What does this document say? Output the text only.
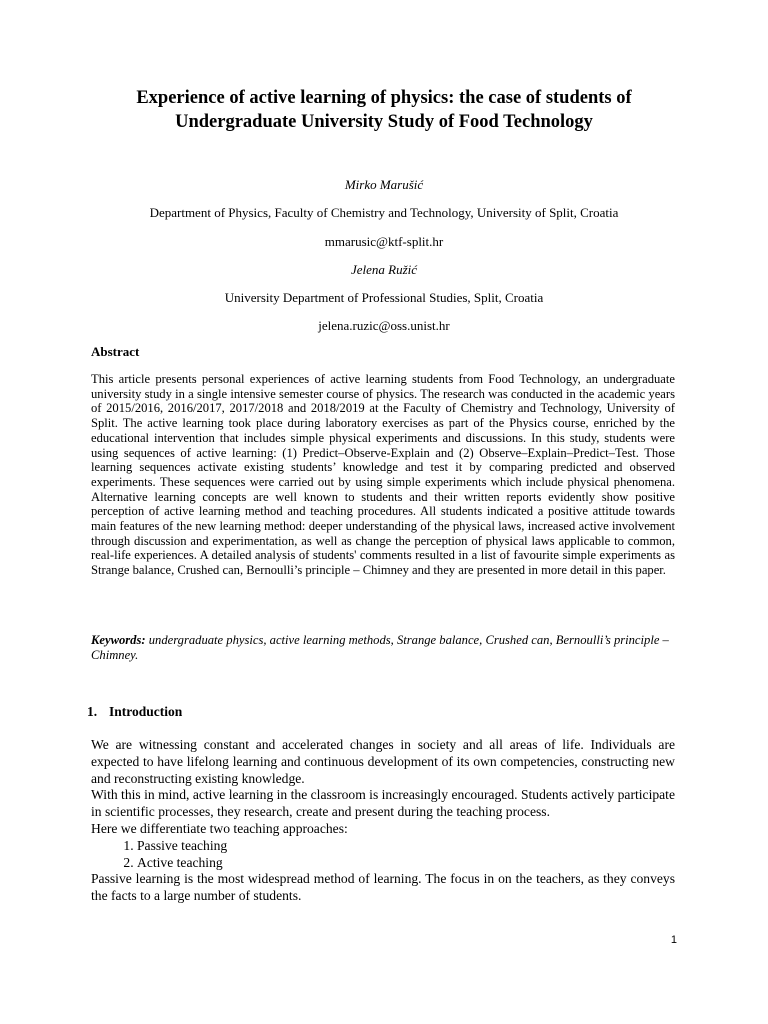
Experience of active learning of physics: the case of students of Undergraduate University Study of Food Technology
Mirko Marušić
Department of Physics, Faculty of Chemistry and Technology, University of Split, Croatia
mmarusic@ktf-split.hr
Jelena Ružić
University Department of Professional Studies, Split, Croatia
jelena.ruzic@oss.unist.hr
Abstract

This article presents personal experiences of active learning students from Food Technology, an undergraduate university study in a single intensive semester course of physics. The research was conducted in the academic years of 2015/2016, 2016/2017, 2017/2018 and 2018/2019 at the Faculty of Chemistry and Technology, University of Split. The active learning took place during laboratory exercises as part of the Physics course, enriched by the educational intervention that includes simple physical experiments and discussions. In this study, students were using sequences of active learning: (1) Predict–Observe-Explain and (2) Observe–Explain–Predict–Test. Those learning sequences activate existing students’ knowledge and test it by comparing predicted and observed experiments. These sequences were carried out by using simple experiments which include physical phenomena. Alternative learning concepts are well known to students and their written reports evidently show positive perception of active learning method and teaching procedures. All students indicated a positive attitude towards main features of the new learning method: deeper understanding of the physical laws, increased active involvement through discussion and experimentation, as well as change the perception of physical laws applicable to common, real-life experiences. A detailed analysis of students' comments resulted in a list of favourite simple experiments as Strange balance, Crushed can, Bernoulli’s principle – Chimney and they are presented in more detail in this paper.

Keywords: undergraduate physics, active learning methods, Strange balance, Crushed can, Bernoulli’s principle – Chimney.

1. Introduction

We are witnessing constant and accelerated changes in society and all areas of life. Individuals are expected to have lifelong learning and continuous development of its own competencies, constructing new and reconstructing existing knowledge.

With this in mind, active learning in the classroom is increasingly encouraged. Students actively participate in scientific processes, they research, create and present during the teaching process.

Here we differentiate two teaching approaches:

1. Passive teaching
2. Active teaching

Passive learning is the most widespread method of learning. The focus in on the teachers, as they conveys the facts to a large number of students.

1
